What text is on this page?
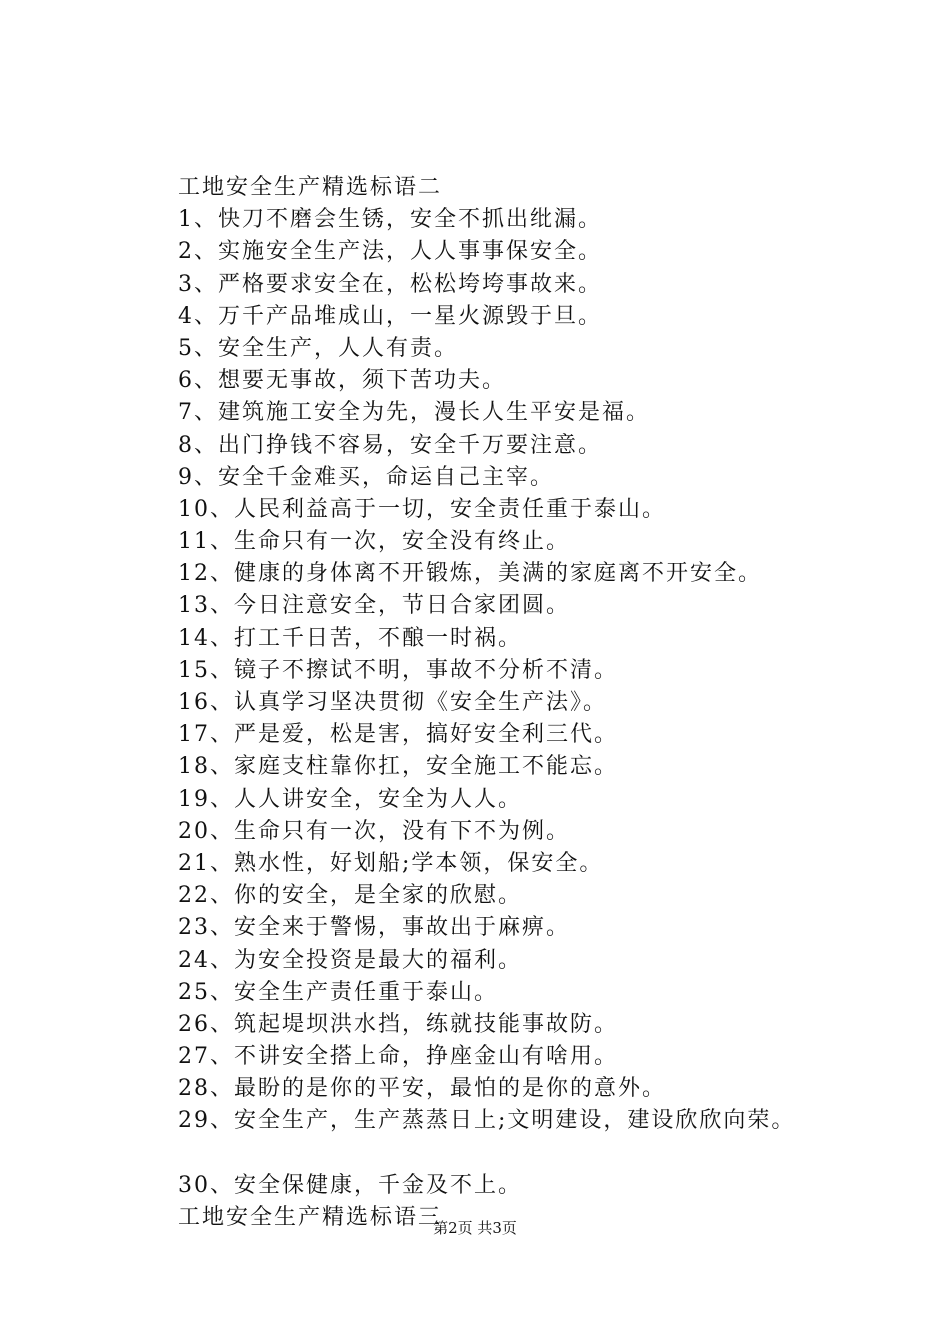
工地安全生产精选标语二
1、快刀不磨会生锈，安全不抓出纰漏。
2、实施安全生产法，人人事事保安全。
3、严格要求安全在，松松垮垮事故来。
4、万千产品堆成山，一星火源毁于旦。
5、安全生产，人人有责。
6、想要无事故，须下苦功夫。
7、建筑施工安全为先，漫长人生平安是福。
8、出门挣钱不容易，安全千万要注意。
9、安全千金难买，命运自己主宰。
10、人民利益高于一切，安全责任重于泰山。
11、生命只有一次，安全没有终止。
12、健康的身体离不开锻炼，美满的家庭离不开安全。
13、今日注意安全，节日合家团圆。
14、打工千日苦，不酿一时祸。
15、镜子不擦试不明，事故不分析不清。
16、认真学习坚决贯彻《安全生产法》。
17、严是爱，松是害，搞好安全利三代。
18、家庭支柱靠你扛，安全施工不能忘。
19、人人讲安全，安全为人人。
20、生命只有一次，没有下不为例。
21、熟水性，好划船;学本领，保安全。
22、你的安全，是全家的欣慰。
23、安全来于警惕，事故出于麻痹。
24、为安全投资是最大的福利。
25、安全生产责任重于泰山。
26、筑起堤坝洪水挡，练就技能事故防。
27、不讲安全搭上命，挣座金山有啥用。
28、最盼的是你的平安，最怕的是你的意外。
29、安全生产，生产蒸蒸日上;文明建设，建设欣欣向荣。
30、安全保健康，千金及不上。
工地安全生产精选标语三
第2页 共3页
